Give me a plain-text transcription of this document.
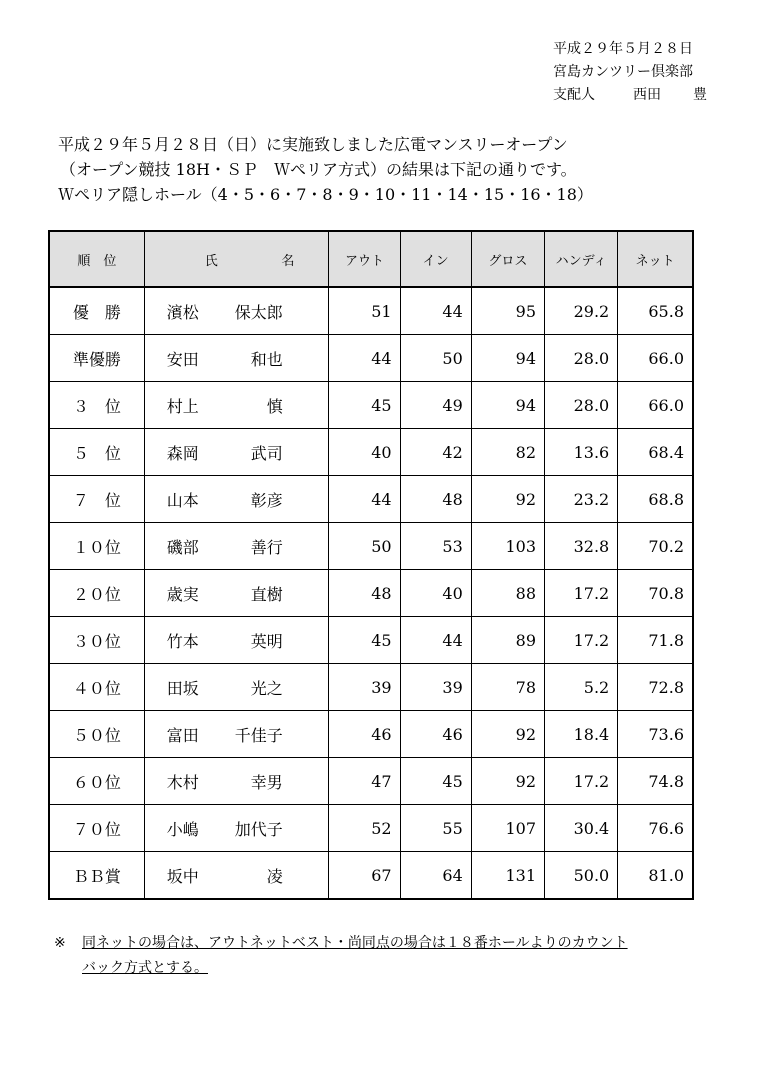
平成２９年５月２８日
宮島カンツリー倶楽部
支配人	西田	豊
平成２９年５月２８日（日）に実施致しました広電マンスリーオープン
（オープン競技 18H・ＳＰ　Ｗペリア方式）の結果は下記の通りです。
Ｗペリア隠しホール（4・5・6・7・8・9・10・11・14・15・16・18）
順　 位	氏 名	アウト	イン	グロス	ハンディ	ネット
優　勝	濱松 保太郎	51	44	95	29.2	65.8
準優勝	安田 和也	44	50	94	28.0	66.0
３　位	村上 慎	45	49	94	28.0	66.0
５　位	森岡 武司	40	42	82	13.6	68.4
７　位	山本 彰彦	44	48	92	23.2	68.8
１０位	磯部 善行	50	53	103	32.8	70.2
２０位	歳実 直樹	48	40	88	17.2	70.8
３０位	竹本 英明	45	44	89	17.2	71.8
４０位	田坂 光之	39	39	78	5.2	72.8
５０位	富田 千佳子	46	46	92	18.4	73.6
６０位	木村 幸男	47	45	92	17.2	74.8
７０位	小嶋 加代子	52	55	107	30.4	76.6
ＢＢ賞	坂中 凌	67	64	131	50.0	81.0
※ 同ネットの場合は、アウトネットベスト・尚同点の場合は１８番ホールよりのカウント
バック方式とする。
